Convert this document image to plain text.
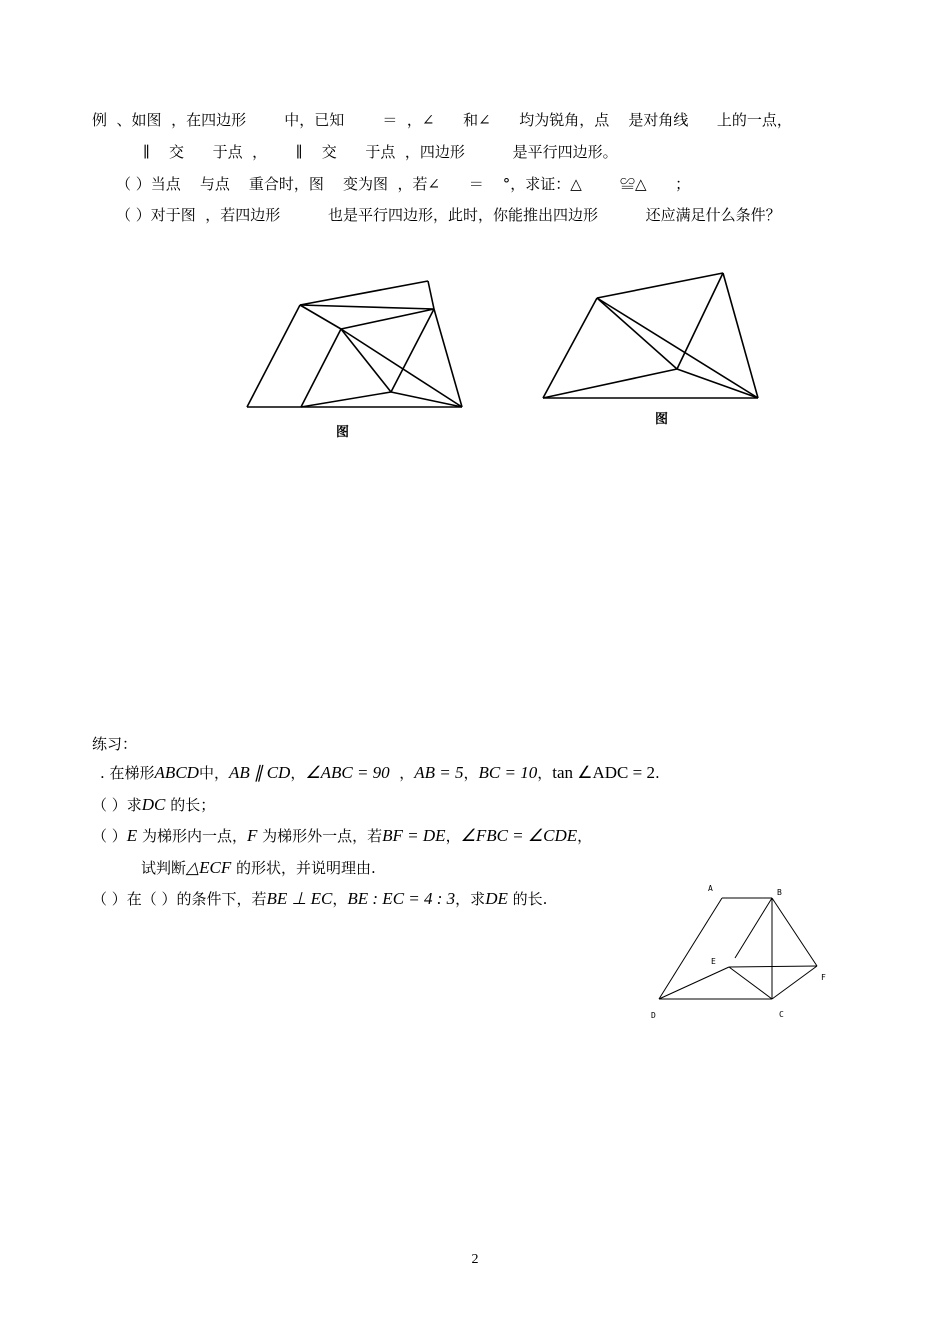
例  、如图  ，在四边形        中，已知        ＝  ，∠      和∠      均为锐角，点    是对角线      上的一点，
∥    交      于点  ，      ∥    交      于点  ，四边形          是平行四边形。
（ ）当点    与点    重合时，图    变为图  ，若∠      ＝    °，求证：△        ≌△      ；
（ ）对于图  ，若四边形          也是平行四边形，此时，你能推出四边形          还应满足什么条件？
图
图
练习：
. 在梯形ABCD中，AB ∥ CD，∠ABC = 90  ，AB = 5，BC = 10，tan ∠ADC = 2.
（ ）求DC 的长；
（ ）E 为梯形内一点，F 为梯形外一点，若BF = DE，∠FBC = ∠CDE，
试判断△ECF 的形状，并说明理由.
（ ）在（ ）的条件下，若BE ⊥ EC，BE : EC = 4 : 3，求DE 的长.
A	B
E
F
D	C
2
